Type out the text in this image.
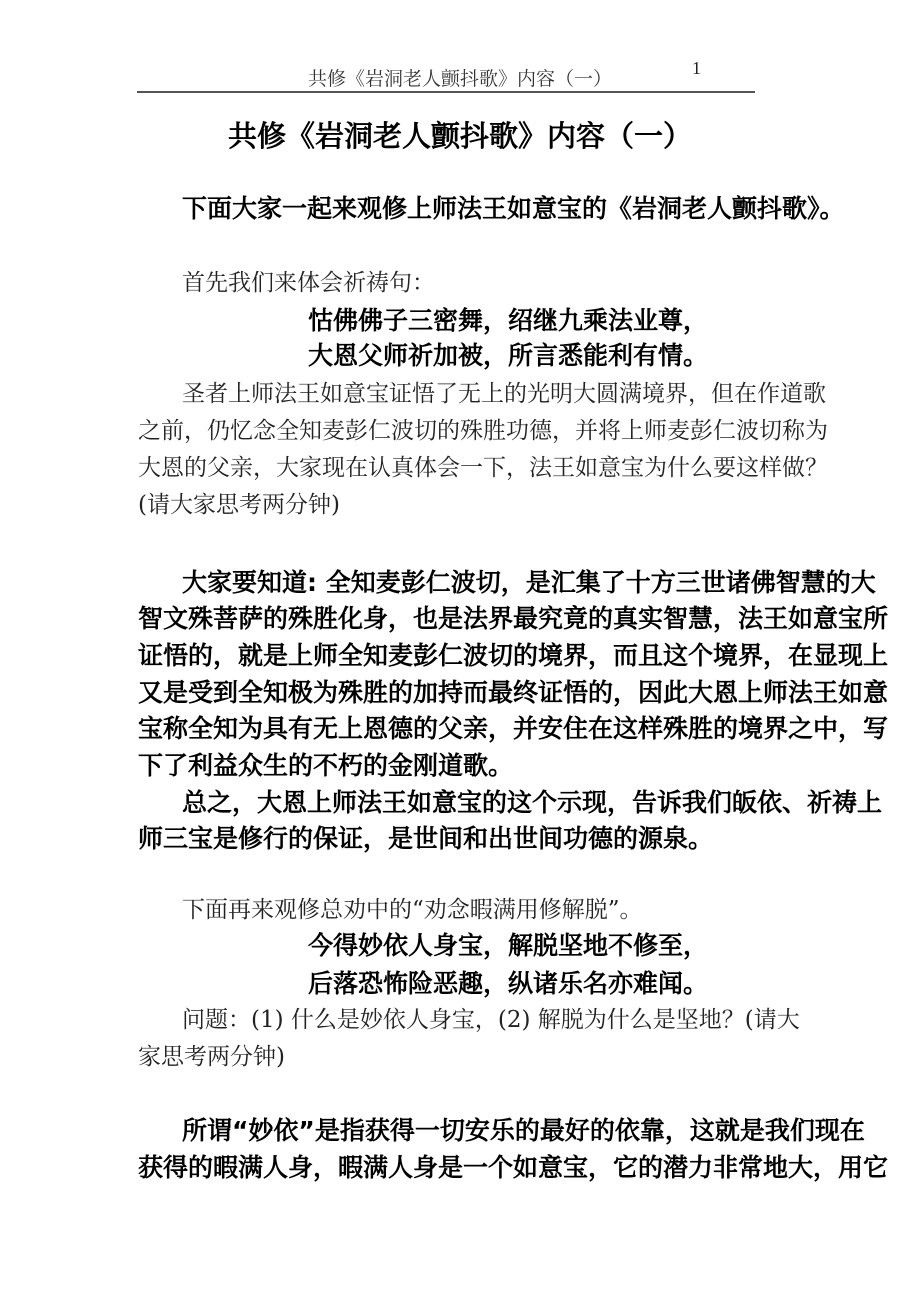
共修《岩洞老人颤抖歌》内容（一）
1
共修《岩洞老人颤抖歌》内容（一）
下面大家一起来观修上师法王如意宝的《岩洞老人颤抖歌》。
首先我们来体会祈祷句：
怙佛佛子三密舞，绍继九乘法业尊，
大恩父师祈加被，所言悉能利有情。
圣者上师法王如意宝证悟了无上的光明大圆满境界，但在作道歌
之前，仍忆念全知麦彭仁波切的殊胜功德，并将上师麦彭仁波切称为
大恩的父亲，大家现在认真体会一下，法王如意宝为什么要这样做？
(请大家思考两分钟)
大家要知道: 全知麦彭仁波切，是汇集了十方三世诸佛智慧的大
智文殊菩萨的殊胜化身，也是法界最究竟的真实智慧，法王如意宝所
证悟的，就是上师全知麦彭仁波切的境界，而且这个境界，在显现上
又是受到全知极为殊胜的加持而最终证悟的，因此大恩上师法王如意
宝称全知为具有无上恩德的父亲，并安住在这样殊胜的境界之中，写
下了利益众生的不朽的金刚道歌。
总之，大恩上师法王如意宝的这个示现，告诉我们皈依、祈祷上
师三宝是修行的保证，是世间和出世间功德的源泉。
下面再来观修总劝中的“劝念暇满用修解脱”。
今得妙依人身宝，解脱坚地不修至，
后落恐怖险恶趣，纵诸乐名亦难闻。
问题：(1) 什么是妙依人身宝，(2) 解脱为什么是坚地？(请大
家思考两分钟)
所谓“妙依”是指获得一切安乐的最好的依靠，这就是我们现在
获得的暇满人身，暇满人身是一个如意宝，它的潜力非常地大，用它
